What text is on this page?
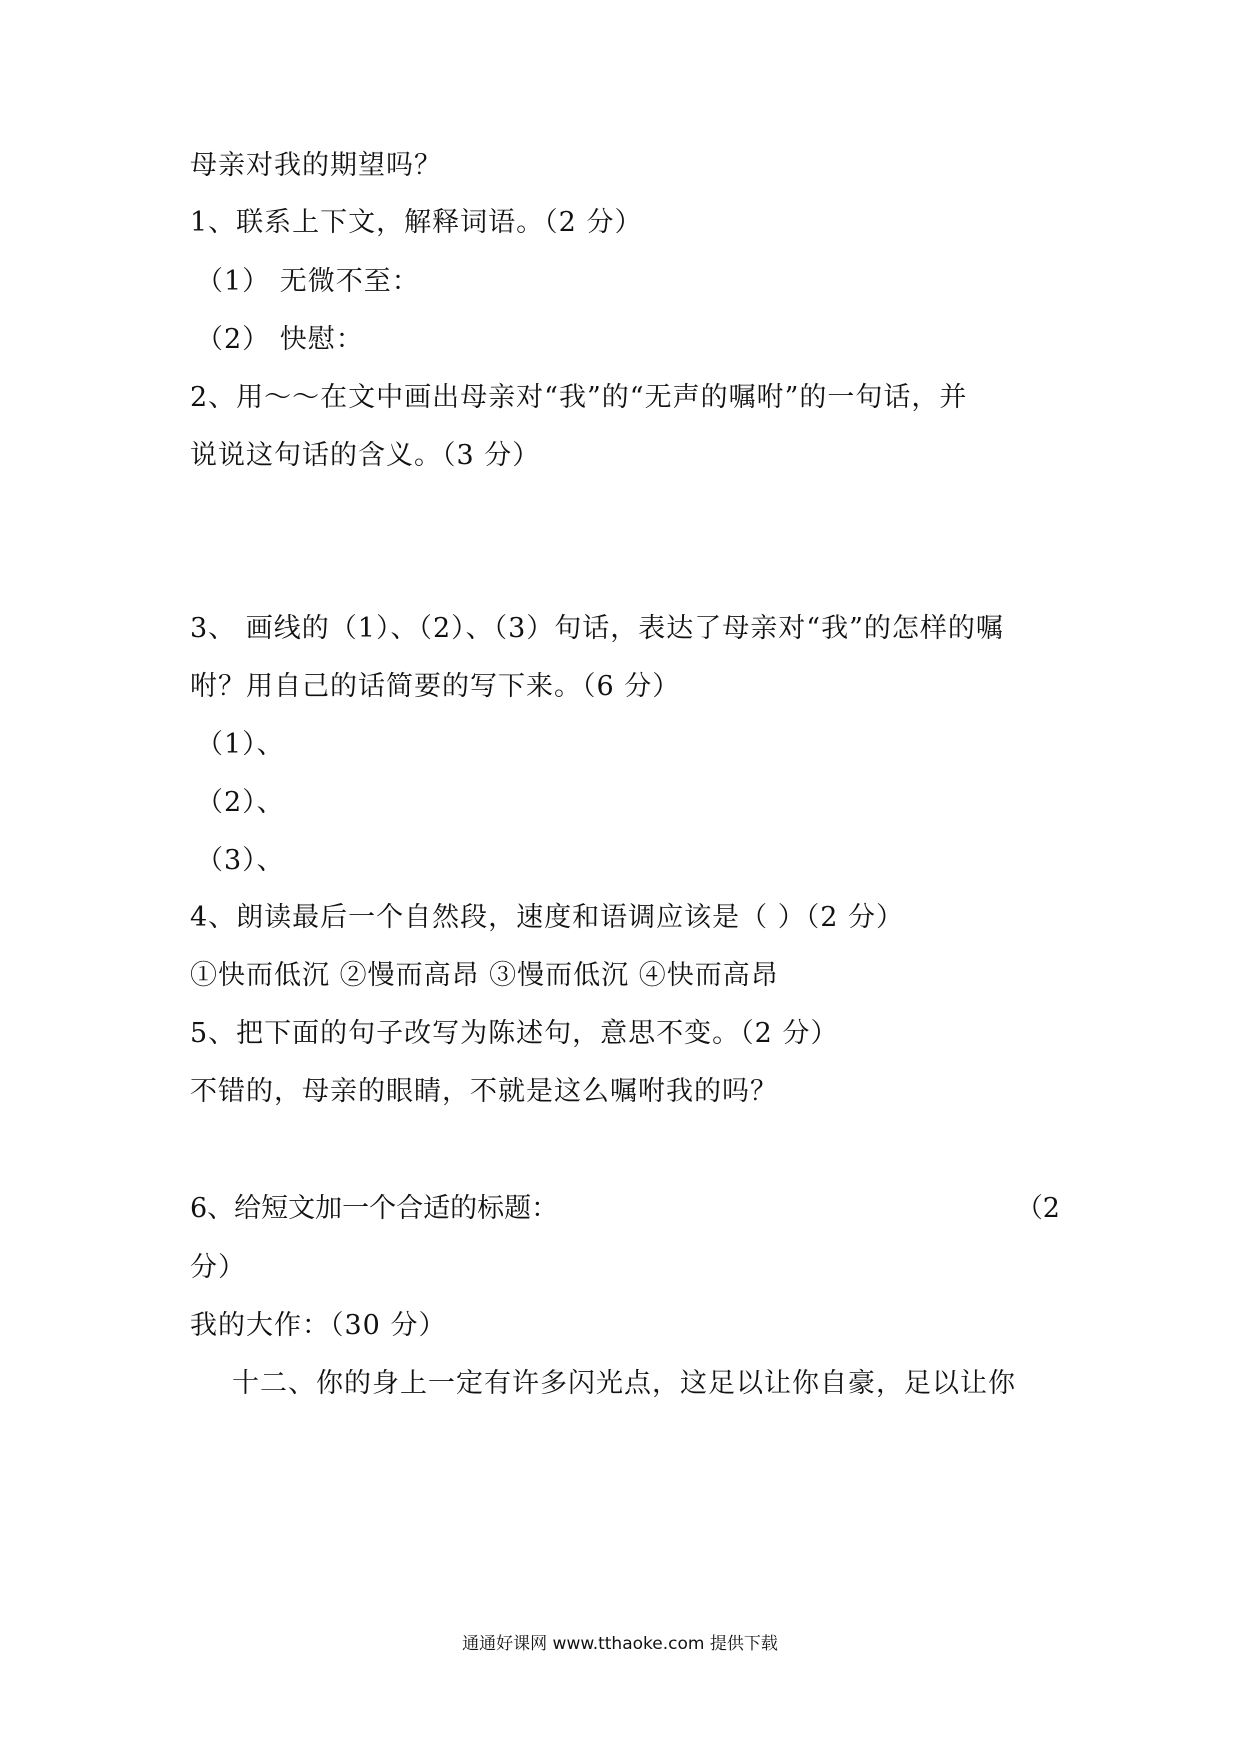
母亲对我的期望吗？
1、联系上下文，解释词语。（2 分）
（1） 无微不至：
（2） 快慰：
2、用～～在文中画出母亲对“我”的“无声的嘱咐”的一句话，并
说说这句话的含义。（3 分）
3、 画线的（1）、（2）、（3）句话，表达了母亲对“我”的怎样的嘱
咐？用自己的话简要的写下来。（6 分）
（1）、
（2）、
（3）、
4、朗读最后一个自然段，速度和语调应该是（ ）（2 分）
①快而低沉 ②慢而高昂 ③慢而低沉 ④快而高昂
5、把下面的句子改写为陈述句，意思不变。（2 分）
不错的，母亲的眼睛，不就是这么嘱咐我的吗？
6、给短文加一个合适的标题：	（2
分）
我的大作：（30 分）
十二、你的身上一定有许多闪光点，这足以让你自豪，足以让你
通通好课网 www.tthaoke.com 提供下载
